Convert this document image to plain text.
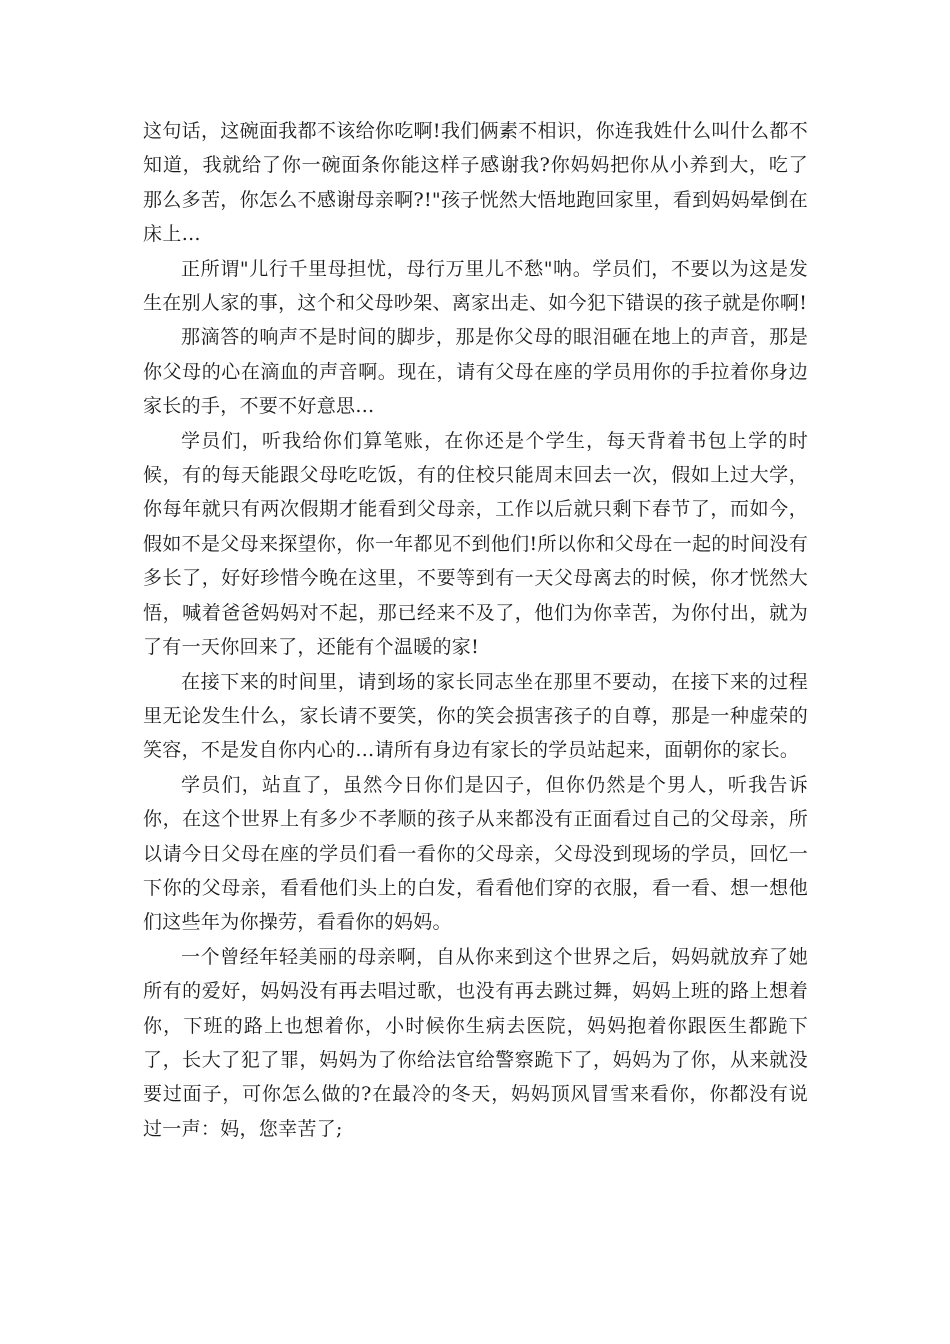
这句话，这碗面我都不该给你吃啊!我们俩素不相识，你连我姓什么叫什么都不知道，我就给了你一碗面条你能这样子感谢我?你妈妈把你从小养到大，吃了那么多苦，你怎么不感谢母亲啊?!"孩子恍然大悟地跑回家里，看到妈妈晕倒在床上…

正所谓"儿行千里母担忧，母行万里儿不愁"呐。学员们，不要以为这是发生在别人家的事，这个和父母吵架、离家出走、如今犯下错误的孩子就是你啊!

那滴答的响声不是时间的脚步，那是你父母的眼泪砸在地上的声音，那是你父母的心在滴血的声音啊。现在，请有父母在座的学员用你的手拉着你身边家长的手，不要不好意思…

学员们，听我给你们算笔账，在你还是个学生，每天背着书包上学的时候，有的每天能跟父母吃吃饭，有的住校只能周末回去一次，假如上过大学，你每年就只有两次假期才能看到父母亲，工作以后就只剩下春节了，而如今，假如不是父母来探望你，你一年都见不到他们!所以你和父母在一起的时间没有多长了，好好珍惜今晚在这里，不要等到有一天父母离去的时候，你才恍然大悟，喊着爸爸妈妈对不起，那已经来不及了，他们为你幸苦，为你付出，就为了有一天你回来了，还能有个温暖的家!

在接下来的时间里，请到场的家长同志坐在那里不要动，在接下来的过程里无论发生什么，家长请不要笑，你的笑会损害孩子的自尊，那是一种虚荣的笑容，不是发自你内心的…请所有身边有家长的学员站起来，面朝你的家长。

学员们，站直了，虽然今日你们是囚子，但你仍然是个男人，听我告诉你，在这个世界上有多少不孝顺的孩子从来都没有正面看过自己的父母亲，所以请今日父母在座的学员们看一看你的父母亲，父母没到现场的学员，回忆一下你的父母亲，看看他们头上的白发，看看他们穿的衣服，看一看、想一想他们这些年为你操劳，看看你的妈妈。

一个曾经年轻美丽的母亲啊，自从你来到这个世界之后，妈妈就放弃了她所有的爱好，妈妈没有再去唱过歌，也没有再去跳过舞，妈妈上班的路上想着你，下班的路上也想着你，小时候你生病去医院，妈妈抱着你跟医生都跪下了，长大了犯了罪，妈妈为了你给法官给警察跪下了，妈妈为了你，从来就没要过面子，可你怎么做的?在最冷的冬天，妈妈顶风冒雪来看你，你都没有说过一声：妈，您幸苦了;
